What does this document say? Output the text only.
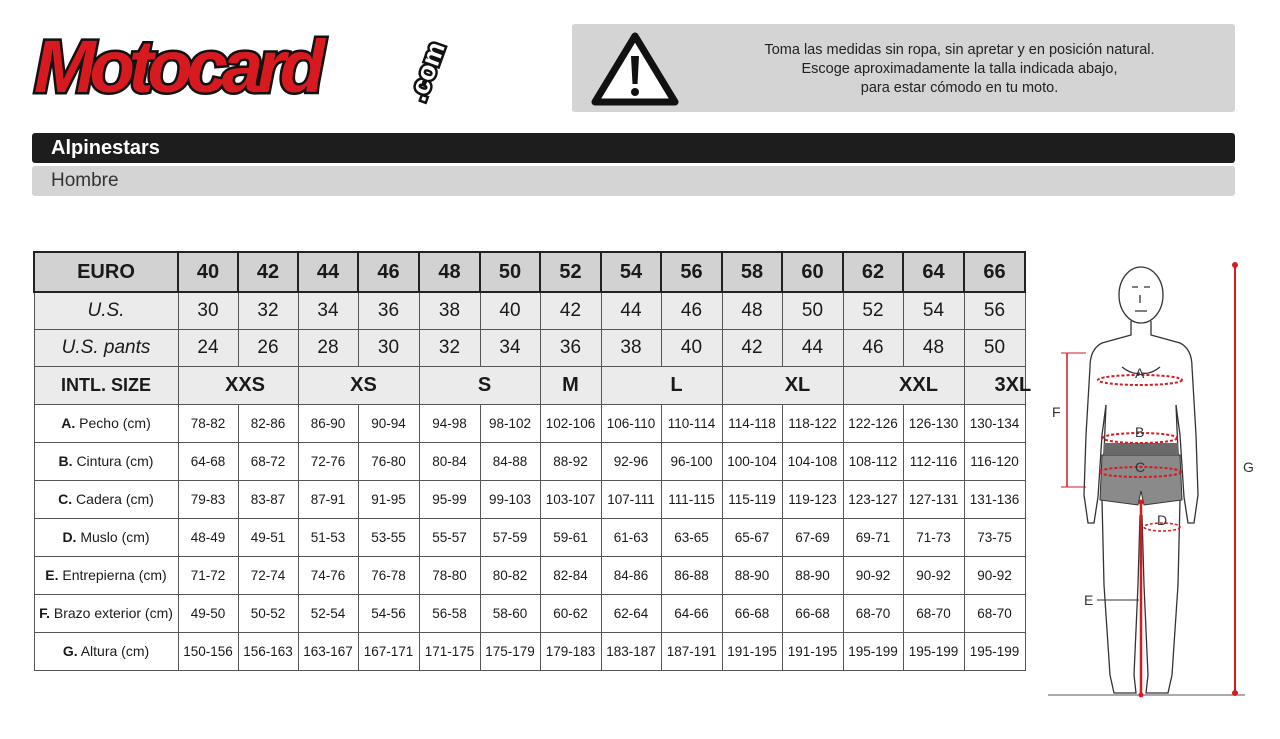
Motocard	.com	Toma las medidas sin ropa, sin apretar y en posición natural.
Escoge aproximadamente la talla indicada abajo,
para estar cómodo en tu moto.
Alpinestars
Hombre
EURO	40	42	44	46	48	50	52	54	56	58	60	62	64	66	
U.S.	30	32	34	36	38	40	42	44	46	48	50	52	54	56	
U.S. pants	24	26	28	30	32	34	36	38	40	42	44	46	48	50	
INTL. SIZE	XXS		XS		S		M	L		XL		XXL		3XL		
A. Pecho (cm)	78-82	82-86	86-90	90-94	94-98	98-102	102-106	106-110	110-114	114-118	118-122	122-126	126-130	130-134	
B. Cintura (cm)	64-68	68-72	72-76	76-80	80-84	84-88	88-92	92-96	96-100	100-104	104-108	108-112	112-116	116-120	
C. Cadera (cm)	79-83	83-87	87-91	91-95	95-99	99-103	103-107	107-111	111-115	115-119	119-123	123-127	127-131	131-136	
D. Muslo (cm)	48-49	49-51	51-53	53-55	55-57	57-59	59-61	61-63	63-65	65-67	67-69	69-71	71-73	73-75	
E. Entrepierna (cm)	71-72	72-74	74-76	76-78	78-80	80-82	82-84	84-86	86-88	88-90	88-90	90-92	90-92	90-92	
F. Brazo exterior (cm)	49-50	50-52	52-54	54-56	56-58	58-60	60-62	62-64	64-66	66-68	66-68	68-70	68-70	68-70	
G. Altura (cm)	150-156	156-163	163-167	167-171	171-175	175-179	179-183	183-187	187-191	191-195	191-195	195-199	195-199	195-199	
A
B
C
D
E
F
G
